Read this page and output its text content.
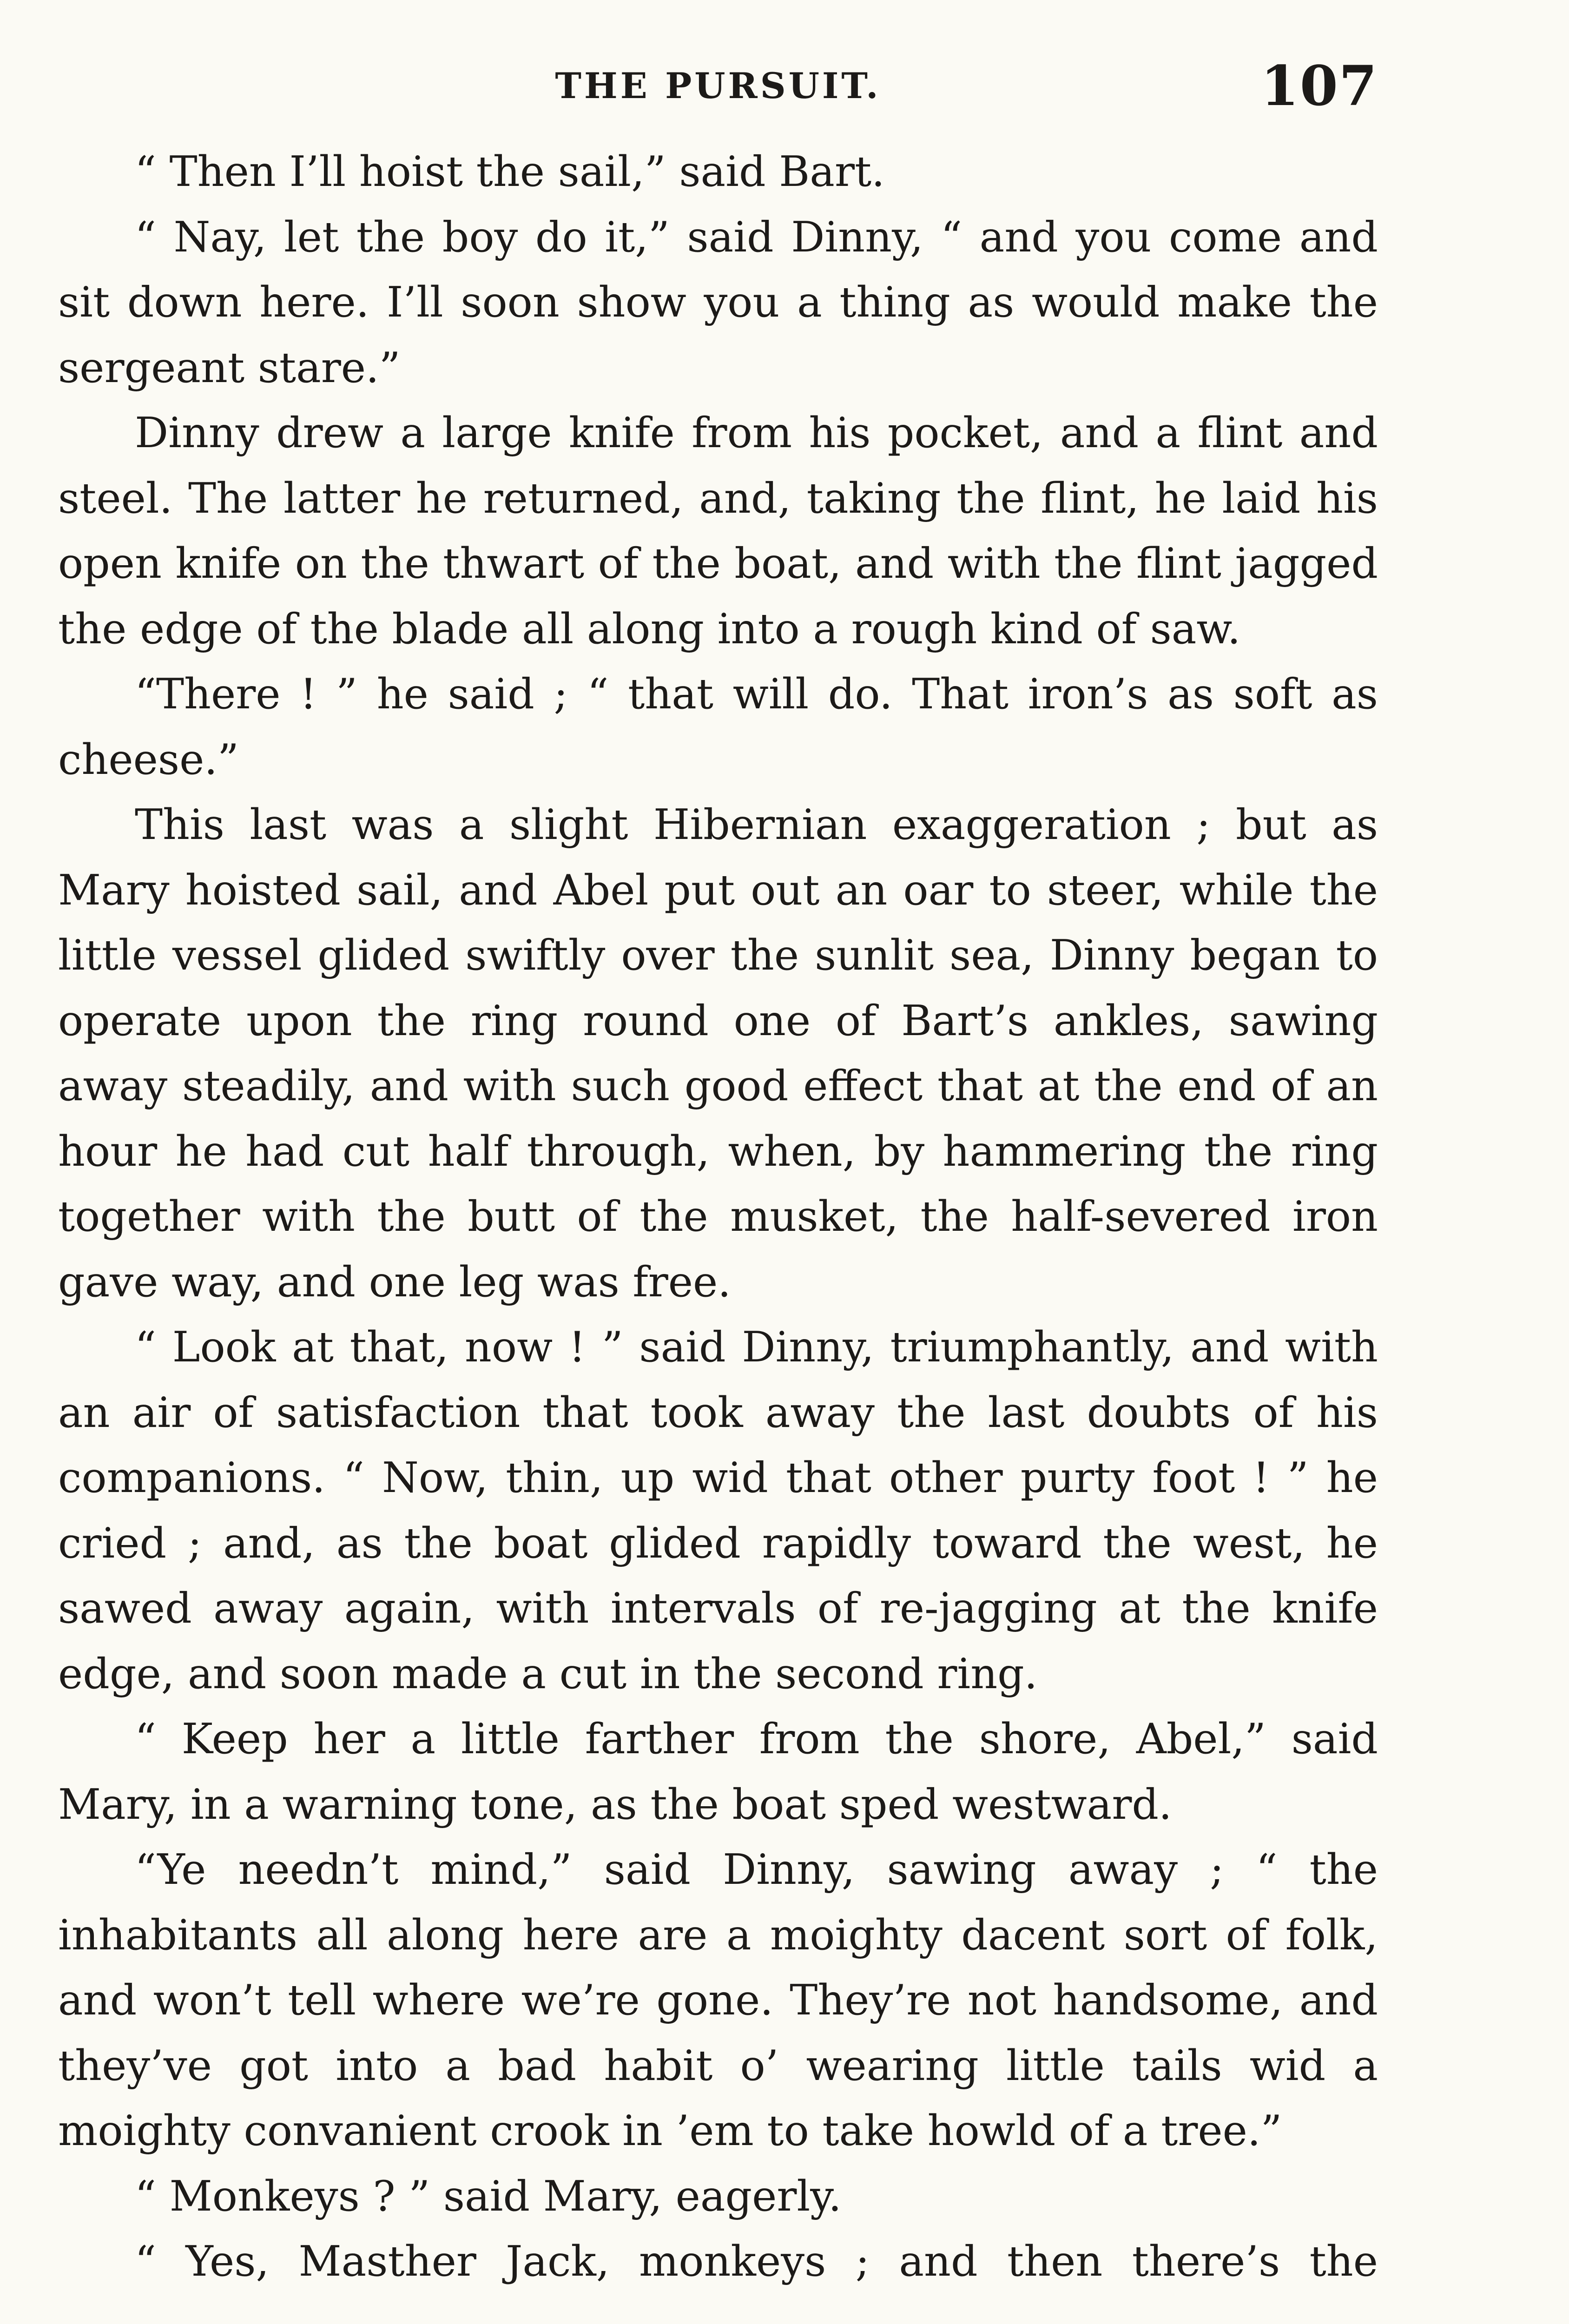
THE PURSUIT.	107

“ Then I’ll hoist the sail,” said Bart.

“ Nay, let the boy do it,” said Dinny, “ and you come and sit down here. I’ll soon show you a thing as would make the sergeant stare.”

Dinny drew a large knife from his pocket, and a flint and steel. The latter he returned, and, taking the flint, he laid his open knife on the thwart of the boat, and with the flint jagged the edge of the blade all along into a rough kind of saw.

“There ! ” he said ; “ that will do. That iron’s as soft as cheese.”

This last was a slight Hibernian exaggeration ; but as Mary hoisted sail, and Abel put out an oar to steer, while the little vessel glided swiftly over the sunlit sea, Dinny began to operate upon the ring round one of Bart’s ankles, sawing away steadily, and with such good effect that at the end of an hour he had cut half through, when, by hammering the ring together with the butt of the musket, the half-severed iron gave way, and one leg was free.

“ Look at that, now ! ” said Dinny, triumphantly, and with an air of satisfaction that took away the last doubts of his companions. “ Now, thin, up wid that other purty foot ! ” he cried ; and, as the boat glided rapidly toward the west, he sawed away again, with intervals of re-jagging at the knife edge, and soon made a cut in the second ring.

“ Keep her a little farther from the shore, Abel,” said Mary, in a warning tone, as the boat sped westward.

“Ye needn’t mind,” said Dinny, sawing away ; “ the inhabitants all along here are a moighty dacent sort of folk, and won’t tell where we’re gone. They’re not handsome, and they’ve got into a bad habit o’ wearing little tails wid a moighty convanient crook in ’em to take howld of a tree.”

“ Monkeys ? ” said Mary, eagerly.

“ Yes, Masther Jack, monkeys ; and then there’s the
